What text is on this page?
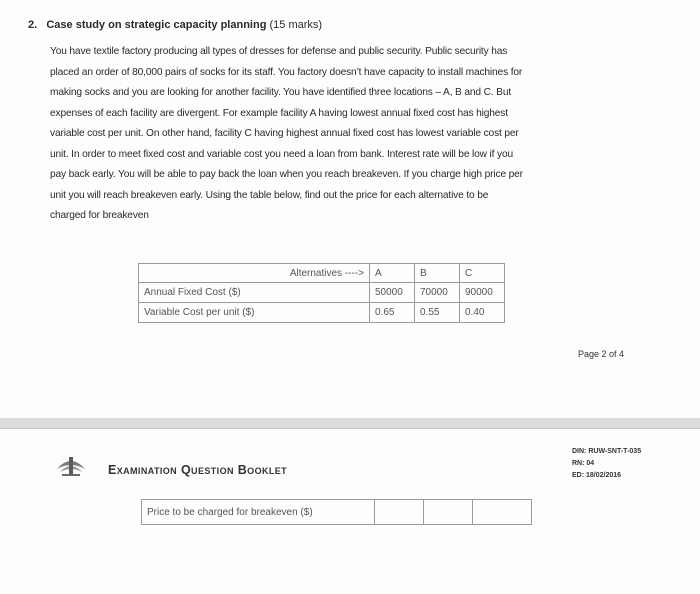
2. Case study on strategic capacity planning (15 marks)

You have textile factory producing all types of dresses for defense and public security. Public security has

placed an order of 80,000 pairs of socks for its staff. You factory doesn’t have capacity to install machines for

making socks and you are looking for another facility. You have identified three locations – A, B and C. But

expenses of each facility are divergent. For example facility A having lowest annual fixed cost has highest

variable cost per unit. On other hand, facility C having highest annual fixed cost has lowest variable cost per

unit. In order to meet fixed cost and variable cost you need a loan from bank. Interest rate will be low if you

pay back early. You will be able to pay back the loan when you reach breakeven. If you charge high price per

unit you will reach breakeven early. Using the table below, find out the price for each alternative to be

charged for breakeven

Alternatives ---->	A	B	C
Annual Fixed Cost ($)	50000	70000	90000
Variable Cost per unit ($)	0.65	0.55	0.40
Page 2 of 4
Examination Question Booklet
DIN: RUW-SNT-T-035
RN: 04
ED: 18/02/2016
Price to be charged for breakeven ($)			
